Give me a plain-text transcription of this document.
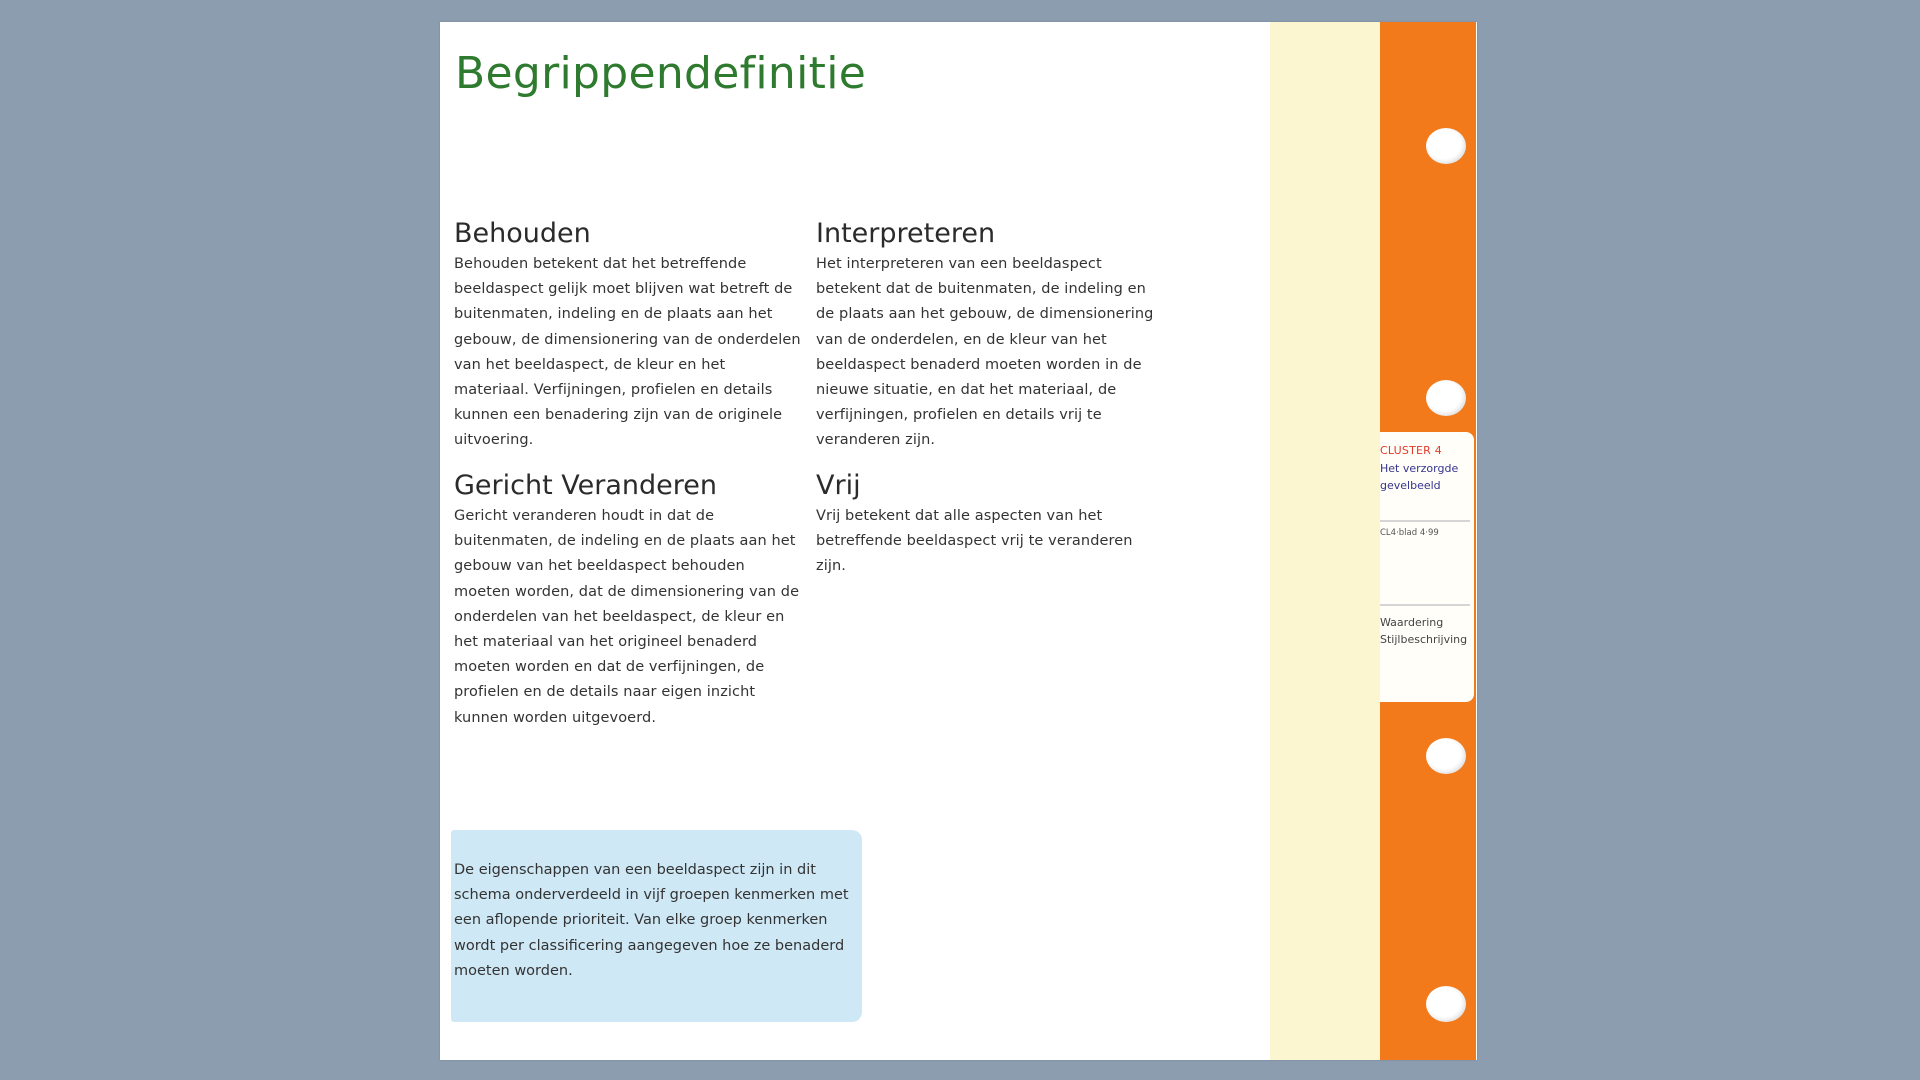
CLUSTER 4
Het verzorgde gevelbeeld
CL4·blad 4·99
Waardering Stijlbeschrijving
Begrippendefinitie
Behouden

Behouden betekent dat het betreffende beeldaspect gelijk moet blijven wat betreft de buitenmaten, indeling en de plaats aan het gebouw, de dimensionering van de onderdelen van het beeldaspect, de kleur en het materiaal. Verfijningen, profielen en details kunnen een benadering zijn van de originele uitvoering.

Interpreteren

Het interpreteren van een beeldaspect betekent dat de buitenmaten, de indeling en de plaats aan het gebouw, de dimensionering van de onderdelen, en de kleur van het beeldaspect benaderd moeten worden in de nieuwe situatie, en dat het materiaal, de verfijningen, profielen en details vrij te veranderen zijn.

Gericht Veranderen

Gericht veranderen houdt in dat de buitenmaten, de indeling en de plaats aan het gebouw van het beeldaspect behouden moeten worden, dat de dimensionering van de onderdelen van het beeldaspect, de kleur en het materiaal van het origineel benaderd moeten worden en dat de verfijningen, de profielen en de details naar eigen inzicht kunnen worden uitgevoerd.

Vrij

Vrij betekent dat alle aspecten van het betreffende beeldaspect vrij te veranderen zijn.

De eigenschappen van een beeldaspect zijn in dit schema onderverdeeld in vijf groepen kenmerken met een aflopende prioriteit. Van elke groep kenmerken wordt per classificering aangegeven hoe ze benaderd moeten worden.
